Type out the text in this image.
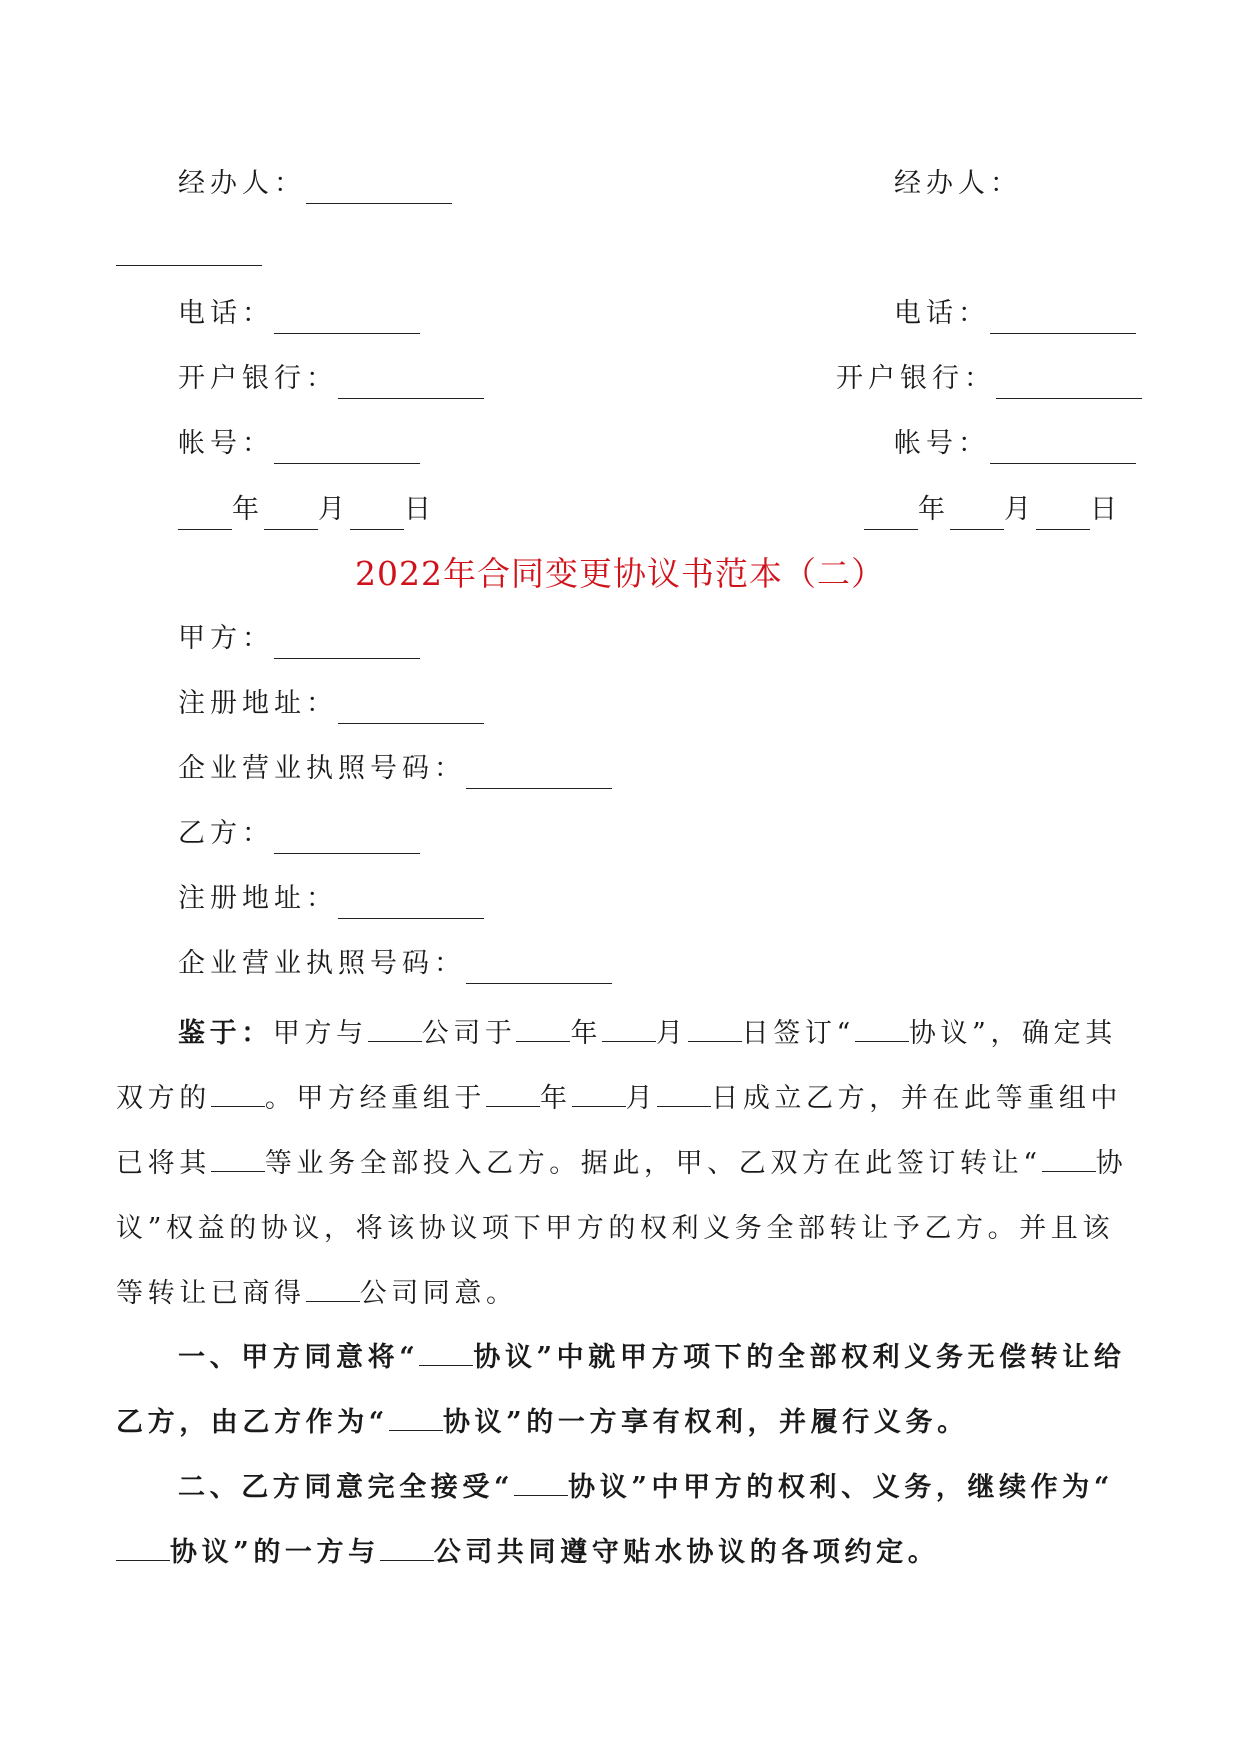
经办人：	经办人：
电话：	电话：
开户银行：	开户银行：
帐号：	帐号：
年 月 日	年 月 日
2022年合同变更协议书范本（二）
甲方：
注册地址：
企业营业执照号码：
乙方：
注册地址：
企业营业执照号码：
鉴于：甲方与 公司于 年 月 日签订“ 协议”，确定其双方的 。甲方经重组于 年 月 日成立乙方，并在此等重组中已将其 等业务全部投入乙方。据此，甲、乙双方在此签订转让“ 协议”权益的协议，将该协议项下甲方的权利义务全部转让予乙方。并且该等转让已商得 公司同意。
一、甲方同意将“ 协议”中就甲方项下的全部权利义务无偿转让给乙方，由乙方作为“ 协议”的一方享有权利，并履行义务。
二、乙方同意完全接受“ 协议”中甲方的权利、义务，继续作为“协议”的一方与 公司共同遵守贴水协议的各项约定。
